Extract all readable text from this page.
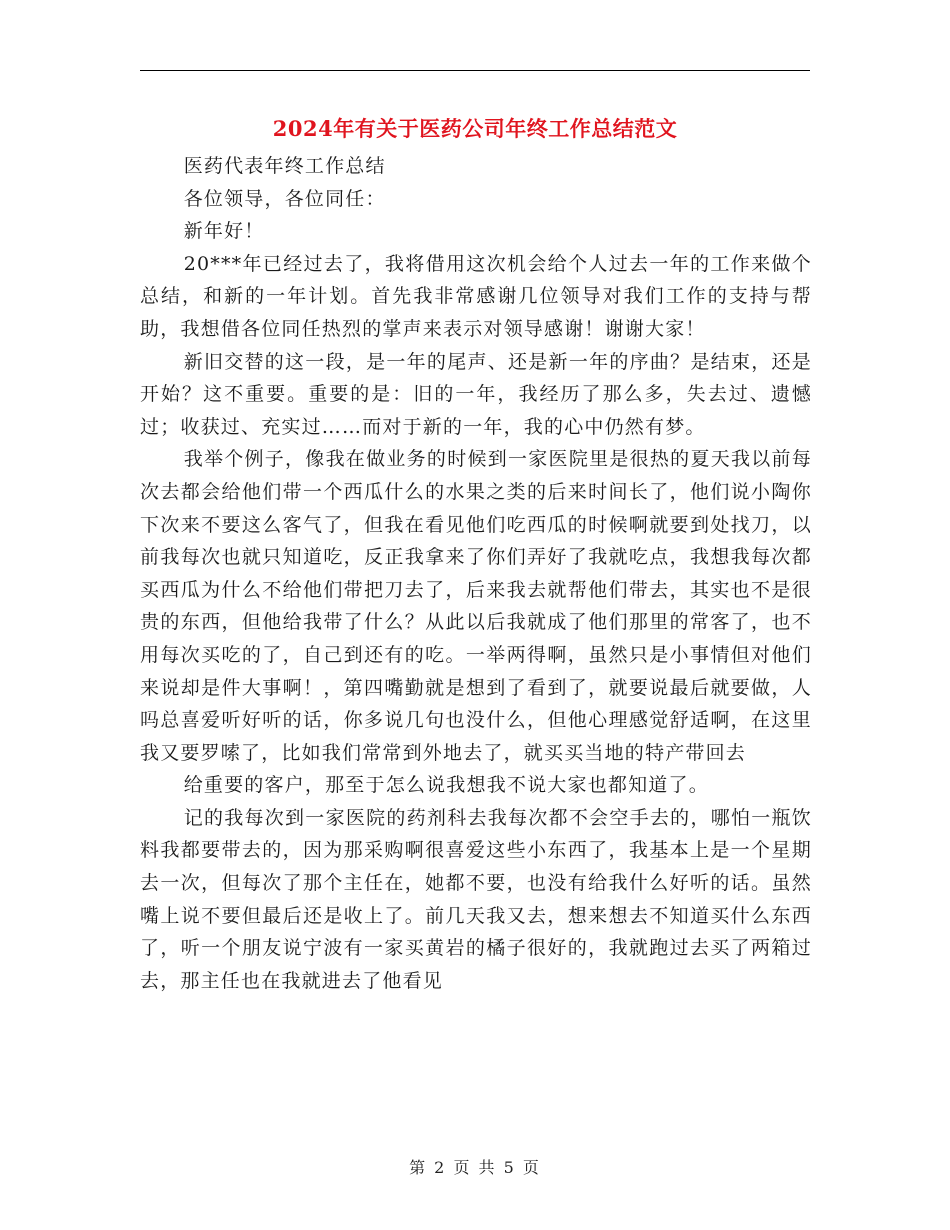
2024年有关于医药公司年终工作总结范文

医药代表年终工作总结

各位领导，各位同任：

新年好！

20***年已经过去了，我将借用这次机会给个人过去一年的工作来做个总结，和新的一年计划。首先我非常感谢几位领导对我们工作的支持与帮助，我想借各位同任热烈的掌声来表示对领导感谢！谢谢大家！

新旧交替的这一段，是一年的尾声、还是新一年的序曲？是结束，还是开始？这不重要。重要的是：旧的一年，我经历了那么多，失去过、遗憾过；收获过、充实过……而对于新的一年，我的心中仍然有梦。

我举个例子，像我在做业务的时候到一家医院里是很热的夏天我以前每次去都会给他们带一个西瓜什么的水果之类的后来时间长了，他们说小陶你下次来不要这么客气了，但我在看见他们吃西瓜的时候啊就要到处找刀，以前我每次也就只知道吃，反正我拿来了你们弄好了我就吃点，我想我每次都买西瓜为什么不给他们带把刀去了，后来我去就帮他们带去，其实也不是很贵的东西，但他给我带了什么？从此以后我就成了他们那里的常客了，也不用每次买吃的了，自己到还有的吃。一举两得啊，虽然只是小事情但对他们来说却是件大事啊！，第四嘴勤就是想到了看到了，就要说最后就要做，人吗总喜爱听好听的话，你多说几句也没什么，但他心理感觉舒适啊，在这里我又要罗嗦了，比如我们常常到外地去了，就买买当地的特产带回去

给重要的客户，那至于怎么说我想我不说大家也都知道了。

记的我每次到一家医院的药剂科去我每次都不会空手去的，哪怕一瓶饮料我都要带去的，因为那采购啊很喜爱这些小东西了，我基本上是一个星期去一次，但每次了那个主任在，她都不要，也没有给我什么好听的话。虽然嘴上说不要但最后还是收上了。前几天我又去，想来想去不知道买什么东西了，听一个朋友说宁波有一家买黄岩的橘子很好的，我就跑过去买了两箱过去，那主任也在我就进去了他看见

第 2 页 共 5 页
